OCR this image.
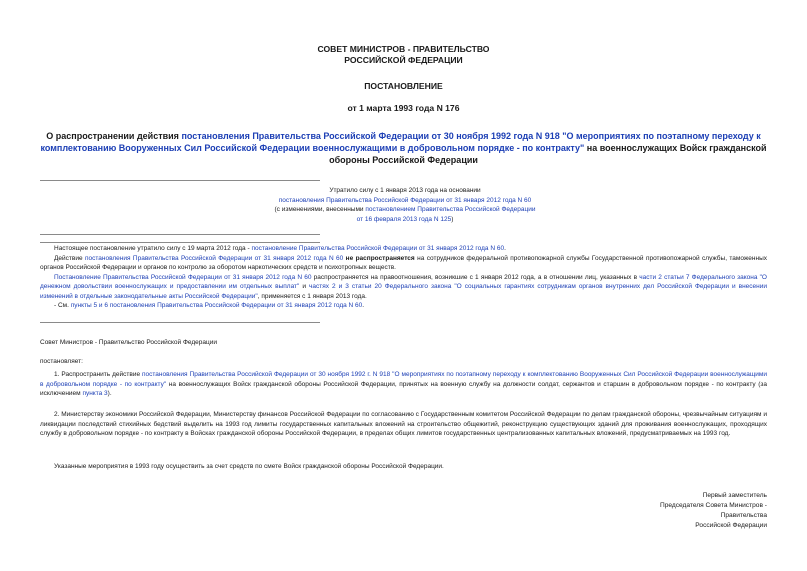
СОВЕТ МИНИСТРОВ - ПРАВИТЕЛЬСТВО
РОССИЙСКОЙ ФЕДЕРАЦИИ
ПОСТАНОВЛЕНИЕ
от 1 марта 1993 года N 176
О распространении действия постановления Правительства Российской Федерации от 30 ноября 1992 года N 918 "О мероприятиях по поэтапному переходу к комплектованию Вооруженных Сил Российской Федерации военнослужащими в добровольном порядке - по контракту" на военнослужащих Войск гражданской обороны Российской Федерации
Утратило силу с 1 января 2013 года на основании
постановления Правительства Российской Федерации от 31 января 2012 года N 60
(с изменениями, внесенными постановлением Правительства Российской Федерации
от 16 февраля 2013 года N 125)
Настоящее постановление утратило силу с 19 марта 2012 года - постановление Правительства Российской Федерации от 31 января 2012 года N 60.
Действие постановления Правительства Российской Федерации от 31 января 2012 года N 60 не распространяется на сотрудников федеральной противопожарной службы Государственной противопожарной службы, таможенных органов Российской Федерации и органов по контролю за оборотом наркотических средств и психотропных веществ.
Постановление Правительства Российской Федерации от 31 января 2012 года N 60 распространяется на правоотношения, возникшие с 1 января 2012 года, а в отношении лиц, указанных в части 2 статьи 7 Федерального закона "О денежном довольствии военнослужащих и предоставлении им отдельных выплат" и частях 2 и 3 статьи 20 Федерального закона "О социальных гарантиях сотрудникам органов внутренних дел Российской Федерации и внесении изменений в отдельные законодательные акты Российской Федерации", применяется с 1 января 2013 года.
- См. пункты 5 и 6 постановления Правительства Российской Федерации от 31 января 2012 года N 60.
Совет Министров - Правительство Российской Федерации
постановляет:
1. Распространить действие постановления Правительства Российской Федерации от 30 ноября 1992 г. N 918 "О мероприятиях по поэтапному переходу к комплектованию Вооруженных Сил Российской Федерации военнослужащими в добровольном порядке - по контракту" на военнослужащих Войск гражданской обороны Российской Федерации, принятых на военную службу на должности солдат, сержантов и старшин в добровольном порядке - по контракту (за исключением пункта 3).
2. Министерству экономики Российской Федерации, Министерству финансов Российской Федерации по согласованию с Государственным комитетом Российской Федерации по делам гражданской обороны, чрезвычайным ситуациям и ликвидации последствий стихийных бедствий выделить на 1993 год лимиты государственных капитальных вложений на строительство общежитий, реконструкцию существующих зданий для проживания военнослужащих, проходящих службу в добровольном порядке - по контракту в Войсках гражданской обороны Российской Федерации, в пределах общих лимитов государственных централизованных капитальных вложений, предусматриваемых на 1993 год.
Указанные мероприятия в 1993 году осуществить за счет средств по смете Войск гражданской обороны Российской Федерации.
Первый заместитель
Председателя Совета Министров -
Правительства
Российской Федерации
